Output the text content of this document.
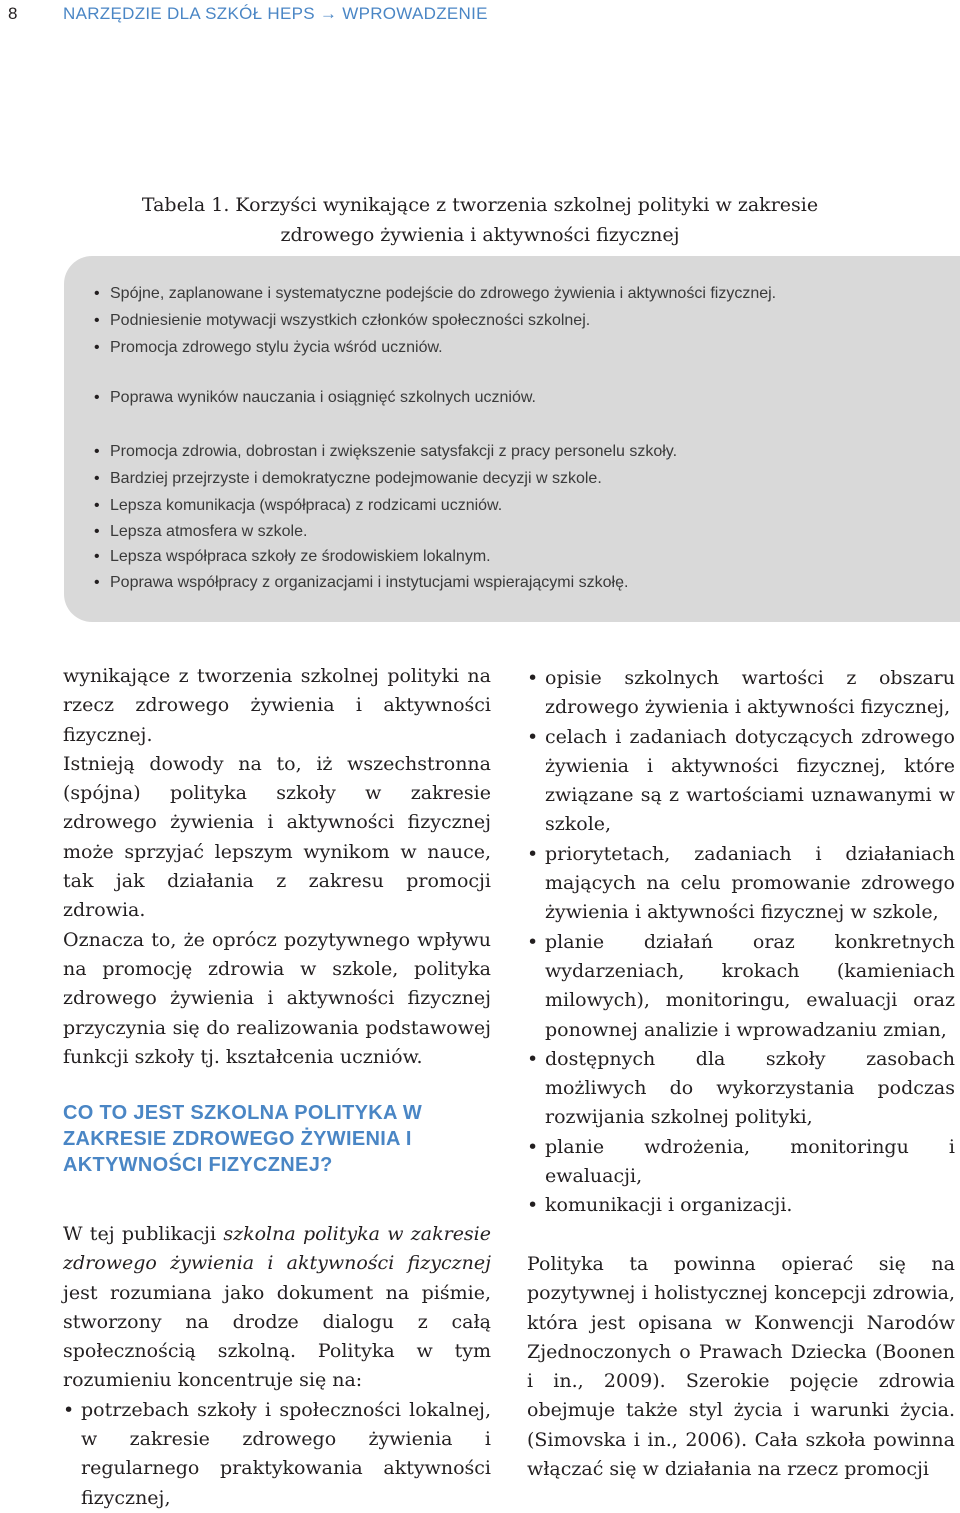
8	NARZĘDZIE DLA SZKÓŁ HEPS → WPROWADZENIE
Tabela 1. Korzyści wynikające z tworzenia szkolnej polityki w zakresie zdrowego żywienia i aktywności fizycznej
• Spójne, zaplanowane i systematyczne podejście do zdrowego żywienia i aktywności fizycznej.
• Podniesienie motywacji wszystkich członków społeczności szkolnej.
• Promocja zdrowego stylu życia wśród uczniów.
• Poprawa wyników nauczania i osiągnięć szkolnych uczniów.
• Promocja zdrowia, dobrostan i zwiększenie satysfakcji z pracy personelu szkoły.
• Bardziej przejrzyste i demokratyczne podejmowanie decyzji w szkole.
• Lepsza komunikacja (współpraca) z rodzicami uczniów.
• Lepsza atmosfera w szkole.
• Lepsza współpraca szkoły ze środowiskiem lokalnym.
• Poprawa współpracy z organizacjami i instytucjami wspierającymi szkołę.

wynikające z tworzenia szkolnej polityki na rzecz zdrowego żywienia i aktywności fizycznej.

Istnieją dowody na to, iż wszechstronna (spójna) polityka szkoły w zakresie zdrowego żywienia i aktywności fizycznej może sprzyjać lepszym wynikom w nauce, tak jak działania z zakresu promocji zdrowia.

Oznacza to, że oprócz pozytywnego wpływu na promocję zdrowia w szkole, polityka zdrowego żywienia i aktywności fizycznej przyczynia się do realizowania podstawowej funkcji szkoły tj. kształcenia uczniów.

CO TO JEST SZKOLNA POLITYKA W ZAKRESIE ZDROWEGO ŻYWIENIA I AKTYWNOŚCI FIZYCZNEJ?

W tej publikacji szkolna polityka w zakresie zdrowego żywienia i aktywności fizycznej jest rozumiana jako dokument na piśmie, stworzony na drodze dialogu z całą społecznością szkolną. Polityka w tym rozumieniu koncentruje się na:

• potrzebach szkoły i społeczności lokalnej, w zakresie zdrowego żywienia i regularnego praktykowania aktywności fizycznej,
• opisie szkolnych wartości z obszaru zdrowego żywienia i aktywności fizycznej,
• celach i zadaniach dotyczących zdrowego żywienia i aktywności fizycznej, które związane są z wartościami uznawanymi w szkole,
• priorytetach, zadaniach i działaniach mających na celu promowanie zdrowego żywienia i aktywności fizycznej w szkole,
• planie działań oraz konkretnych wydarzeniach, krokach (kamieniach milowych), monitoringu, ewaluacji oraz ponownej analizie i wprowadzaniu zmian,
• dostępnych dla szkoły zasobach możliwych do wykorzystania podczas rozwijania szkolnej polityki,
• planie wdrożenia, monitoringu i ewaluacji,
• komunikacji i organizacji.

Polityka ta powinna opierać się na pozytywnej i holistycznej koncepcji zdrowia, która jest opisana w Konwencji Narodów Zjednoczonych o Prawach Dziecka (Boonen i in., 2009). Szerokie pojęcie zdrowia obejmuje także styl życia i warunki życia. (Simovska i in., 2006). Cała szkoła powinna włączać się w działania na rzecz promocji
